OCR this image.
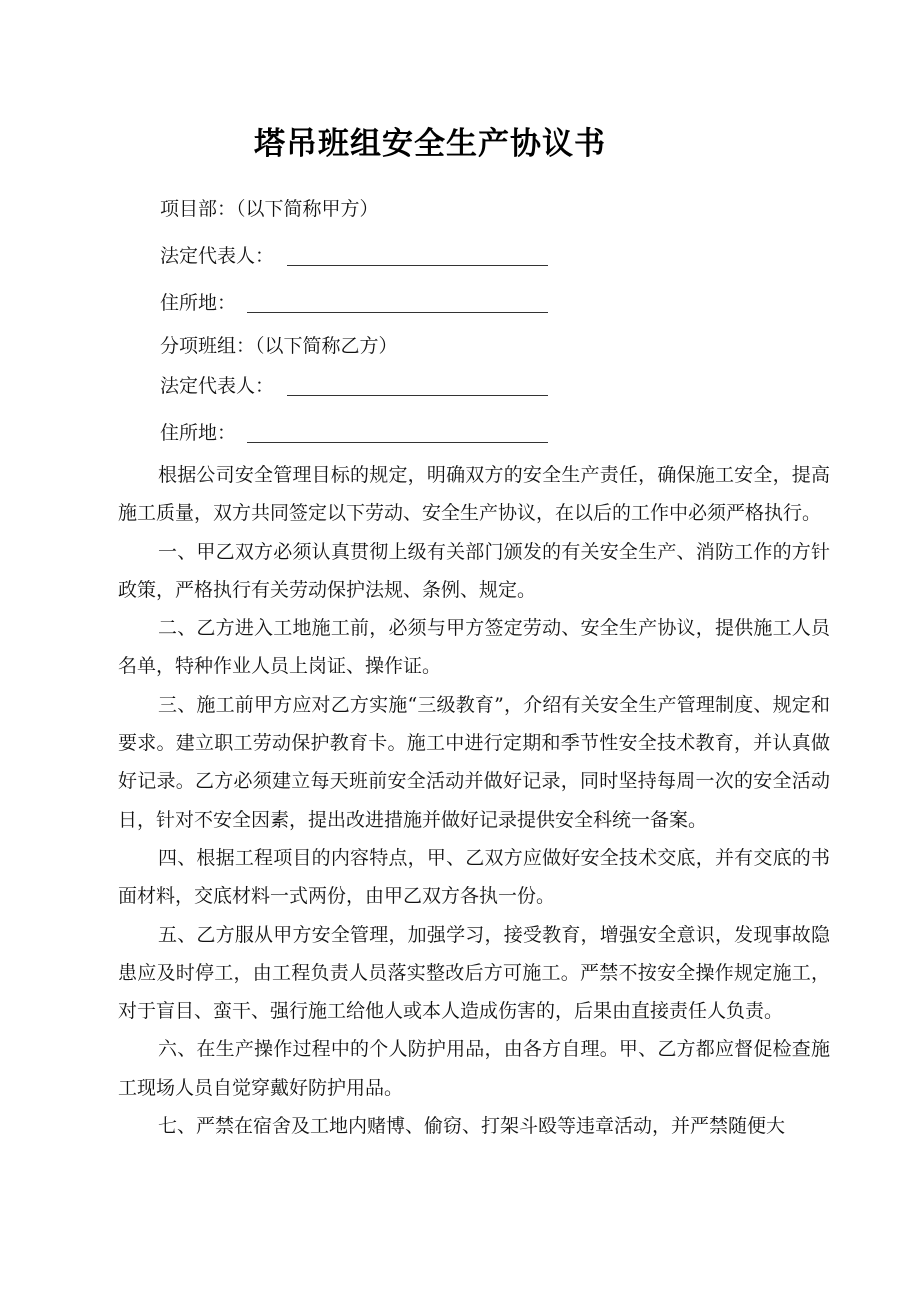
塔吊班组安全生产协议书
项目部：（以下简称甲方）
法定代表人：
住所地：
分项班组：（以下简称乙方）
法定代表人：
住所地：

根据公司安全管理目标的规定，明确双方的安全生产责任，确保施工安全，提高施工质量，双方共同签定以下劳动、安全生产协议，在以后的工作中必须严格执行。

一、甲乙双方必须认真贯彻上级有关部门颁发的有关安全生产、消防工作的方针政策，严格执行有关劳动保护法规、条例、规定。

二、乙方进入工地施工前，必须与甲方签定劳动、安全生产协议，提供施工人员名单，特种作业人员上岗证、操作证。

三、施工前甲方应对乙方实施“三级教育”，介绍有关安全生产管理制度、规定和要求。建立职工劳动保护教育卡。施工中进行定期和季节性安全技术教育，并认真做好记录。乙方必须建立每天班前安全活动并做好记录，同时坚持每周一次的安全活动日，针对不安全因素，提出改进措施并做好记录提供安全科统一备案。

四、根据工程项目的内容特点，甲、乙双方应做好安全技术交底，并有交底的书面材料，交底材料一式两份，由甲乙双方各执一份。

五、乙方服从甲方安全管理，加强学习，接受教育，增强安全意识，发现事故隐患应及时停工，由工程负责人员落实整改后方可施工。严禁不按安全操作规定施工，对于盲目、蛮干、强行施工给他人或本人造成伤害的，后果由直接责任人负责。

六、在生产操作过程中的个人防护用品，由各方自理。甲、乙方都应督促检查施工现场人员自觉穿戴好防护用品。

七、严禁在宿舍及工地内赌博、偷窃、打架斗殴等违章活动，并严禁随便大
